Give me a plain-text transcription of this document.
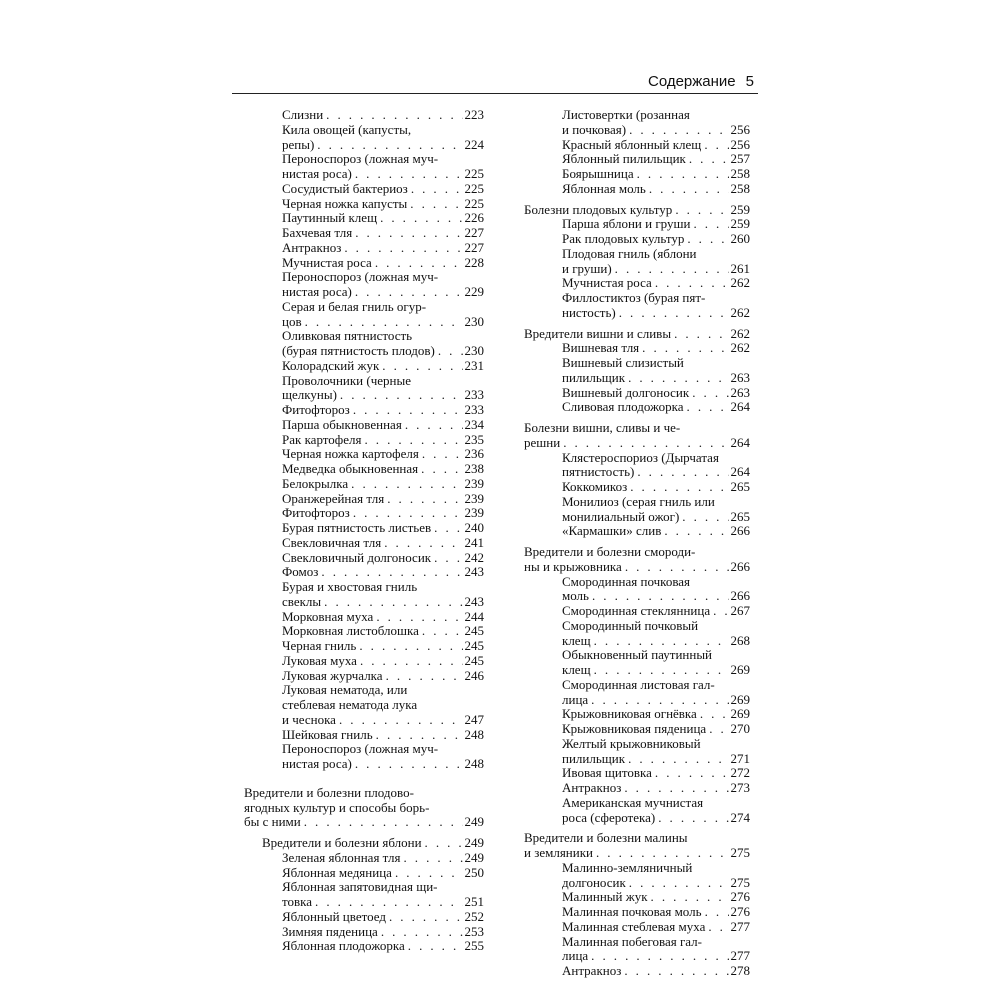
Содержание 5
Слизни . . .	223
Кила овощей (капусты,
репы) . . .	224
Пероноспороз (ложная муч-
нистая роса) . . .	225
Сосудистый бактериоз . . .	225
Черная ножка капусты . . .	225
Паутинный клещ . . .	226
Бахчевая тля . . .	227
Антракноз . . .	227
Мучнистая роса . . .	228
Пероноспороз (ложная муч-
нистая роса) . . .	229
Серая и белая гниль огур-
цов . . .	230
Оливковая пятнистость
(бурая пятнистость плодов) . . . 230
Колорадский жук . . .	231
Проволочники (черные
щелкуны) . . .	233
Фитофтороз . . .	233
Парша обыкновенная . . .	234
Рак картофеля . . .	235
Черная ножка картофеля . . .	236
Медведка обыкновенная . . .	238
Белокрылка . . .	239
Оранжерейная тля . . .	239
Фитофтороз . . .	239
Бурая пятнистость листьев . . .	240
Свекловичная тля . . .	241
Свекловичный долгоносик . . .	242
Фомоз . . .	243
Бурая и хвостовая гниль
свеклы . . .	243
Морковная муха . . .	244
Морковная листоблошка . . .	245
Черная гниль . . .	245
Луковая муха . . .	245
Луковая журчалка . . .	246
Луковая нематода, или
стеблевая нематода лука
и чеснока . . .	247
Шейковая гниль . . .	248
Пероноспороз (ложная муч-
нистая роса) . . .	248
Вредители и болезни плодово-
ягодных культур и способы борь-
бы с ними . . .	249
Вредители и болезни яблони . . .	249
Зеленая яблонная тля . . .	249
Яблонная медяница . . .	250
Яблонная запятовидная щи-
товка . . .	251
Яблонный цветоед . . .	252
Зимняя пяденица . . .	253
Яблонная плодожорка . . .	255
Листовертки (розанная
и почковая) . . .	256
Красный яблонный клещ . . . 256
Яблонный пилильщик . . .	257
Боярышница . . .	258
Яблонная моль . . .	258
Болезни плодовых культур . . .	259
Парша яблони и груши . . .	259
Рак плодовых культур . . .	260
Плодовая гниль (яблони
и груши) . . .	261
Мучнистая роса . . .	262
Филлостиктоз (бурая пят-
нистость) . . .	262
Вредители вишни и сливы . . .	262
Вишневая тля . . .	262
Вишневый слизистый
пилильщик . . .	263
Вишневый долгоносик . . .	263
Сливовая плодожорка . . .	264
Болезни вишни, сливы и че-
решни . . .	264
Клястероспориоз (Дырчатая
пятнистость) . . .	264
Коккомикоз . . .	265
Монилиоз (серая гниль или
монилиальный ожог) . . .	265
«Кармашки» слив . . .	266
Вредители и болезни смороди-
ны и крыжовника . . .	266
Смородинная почковая
моль . . .	266
Смородинная стеклянница . . . 267
Смородинный почковый
клещ . . .	268
Обыкновенный паутинный
клещ . . .	269
Смородинная листовая гал-
лица . . .	269
Крыжовниковая огнёвка . . .	269
Крыжовниковая пяденица . . . 270
Желтый крыжовниковый
пилильщик . . .	271
Ивовая щитовка . . .	272
Антракноз . . .	273
Американская мучнистая
роса (сферотека) . . .	274
Вредители и болезни малины
и земляники . . .	275
Малинно-земляничный
долгоносик . . .	275
Малинный жук . . .	276
Малинная почковая моль . . . 276
Малинная стеблевая муха . . . 277
Малинная побеговая гал-
лица . . .	277
Антракноз . . .	278
